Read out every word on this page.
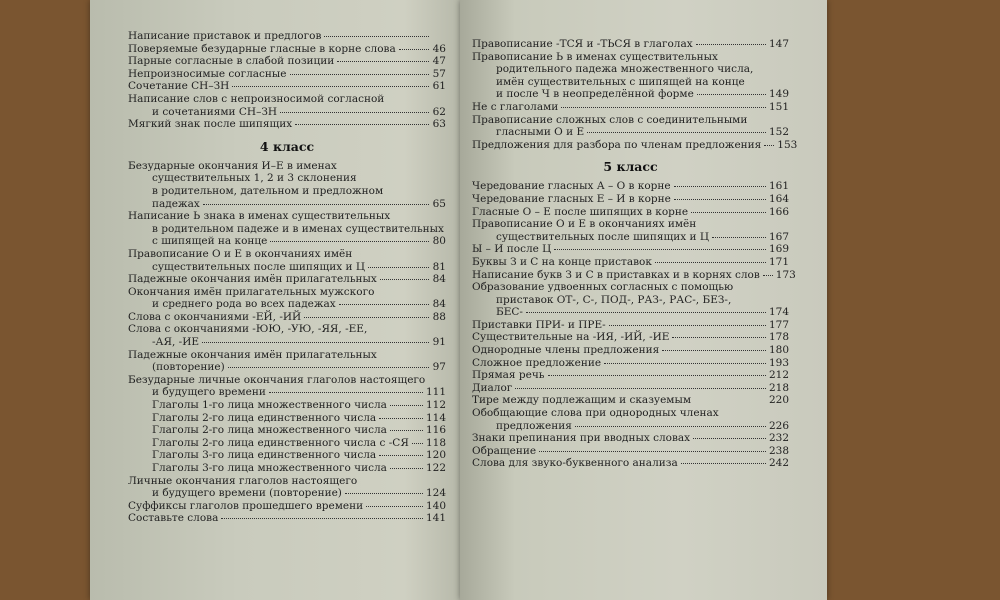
Написание приставок и предлогов
Поверяемые безударные гласные в корне слова	46
Парные согласные в слабой позиции	47
Непроизносимые согласные	57
Сочетание СН–ЗН	61
Написание слов с непроизносимой согласной
и сочетаниями СН–ЗН	62
Мягкий знак после шипящих	63
4 класс
Безударные окончания И–Е в именах
существительных 1, 2 и 3 склонения
в родительном, дательном и предложном
падежах	65
Написание Ь знака в именах существительных
в родительном падеже и в именах существительных
с шипящей на конце	80
Правописание О и Е в окончаниях имён
существительных после шипящих и Ц	81
Падежные окончания имён прилагательных	84
Окончания имён прилагательных мужского
и среднего рода во всех падежах	84
Слова с окончаниями -ЕЙ, -ИЙ	88
Слова с окончаниями -ЮЮ, -УЮ, -ЯЯ, -ЕЕ,
-АЯ, -ИЕ	91
Падежные окончания имён прилагательных
(повторение)	97
Безударные личные окончания глаголов настоящего
и будущего времени	111
Глаголы 1-го лица множественного числа	112
Глаголы 2-го лица единственного числа	114
Глаголы 2-го лица множественного числа	116
Глаголы 2-го лица единственного числа с -СЯ 118
Глаголы 3-го лица единственного числа	120
Глаголы 3-го лица множественного числа	122
Личные окончания глаголов настоящего
и будущего времени (повторение)	124
Суффиксы глаголов прошедшего времени	140
Составьте слова	141
Правописание -ТСЯ и -ТЬСЯ в глаголах	147
Правописание Ь в именах существительных
родительного падежа множественного числа,
имён существительных с шипящей на конце
и после Ч в неопределённой форме	149
Не с глаголами	151
Правописание сложных слов с соединительными
гласными О и Е	152
Предложения для разбора по членам предложения 153
5 класс
Чередование гласных А – О в корне	161
Чередование гласных Е – И в корне	164
Гласные О – Е после шипящих в корне	166
Правописание О и Е в окончаниях имён
существительных после шипящих и Ц	167
Ы – И после Ц	169
Буквы З и С на конце приставок	171
Написание букв З и С в приставках и в корнях слов 173
Образование удвоенных согласных с помощью
приставок ОТ-, С-, ПОД-, РАЗ-, РАС-, БЕЗ-,
БЕС-	174
Приставки ПРИ- и ПРЕ-	177
Существительные на -ИЯ, -ИЙ, -ИЕ	178
Однородные члены предложения	180
Сложное предложение	193
Прямая речь	212
Диалог	218
Тире между подлежащим и сказуемым	220
Обобщающие слова при однородных членах
предложения	226
Знаки препинания при вводных словах	232
Обращение	238
Слова для звуко-буквенного анализа	242
